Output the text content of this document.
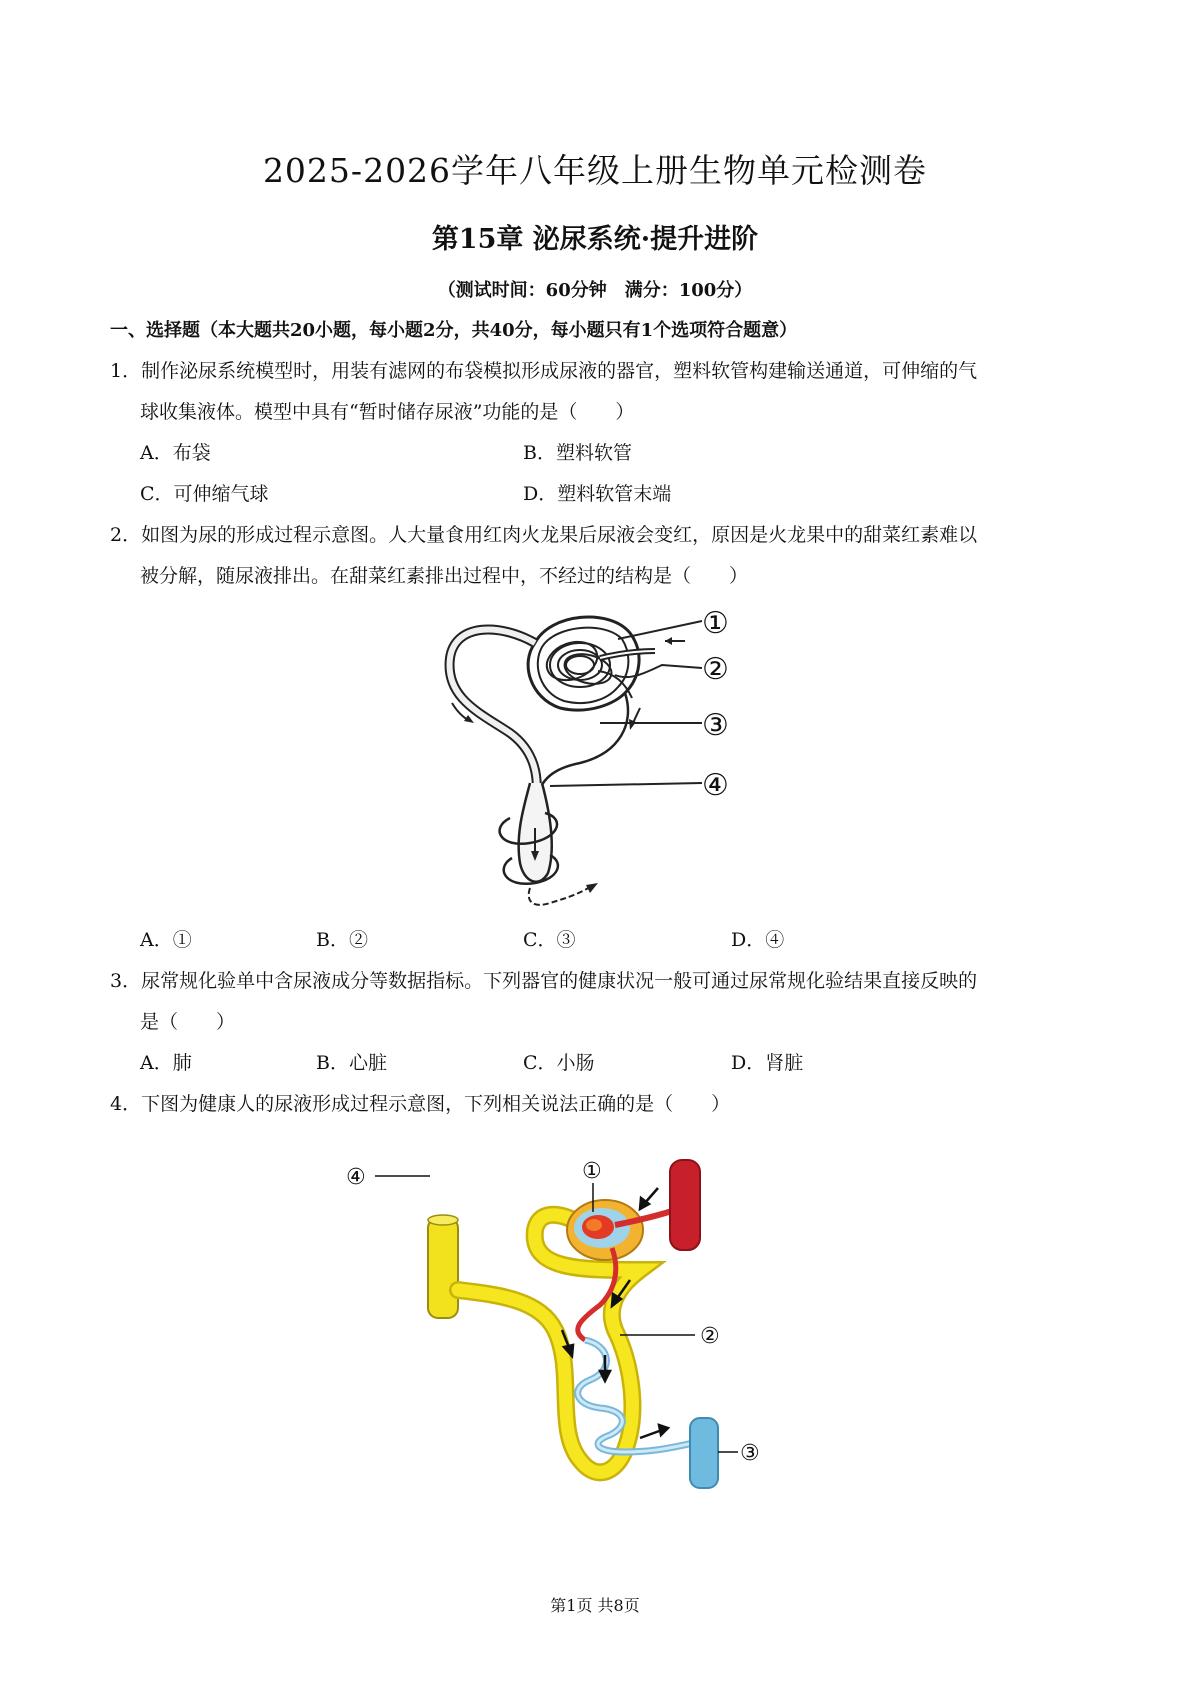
2025-2026学年八年级上册生物单元检测卷
第15章 泌尿系统·提升进阶
（测试时间：60分钟　满分：100分）
一、选择题（本大题共20小题，每小题2分，共40分，每小题只有1个选项符合题意）
1．制作泌尿系统模型时，用装有滤网的布袋模拟形成尿液的器官，塑料软管构建输送通道，可伸缩的气
球收集液体。模型中具有“暂时储存尿液”功能的是（　　）
A．布袋	B．塑料软管
C．可伸缩气球	D．塑料软管末端
2．如图为尿的形成过程示意图。人大量食用红肉火龙果后尿液会变红，原因是火龙果中的甜菜红素难以
被分解，随尿液排出。在甜菜红素排出过程中，不经过的结构是（　　）
①
②
③
④
A．①	B．②	C．③	D．④
3．尿常规化验单中含尿液成分等数据指标。下列器官的健康状况一般可通过尿常规化验结果直接反映的
是（　　）
A．肺	B．心脏	C．小肠	D．肾脏
4．下图为健康人的尿液形成过程示意图，下列相关说法正确的是（　　）
①
②
③
④
第1页 共8页
